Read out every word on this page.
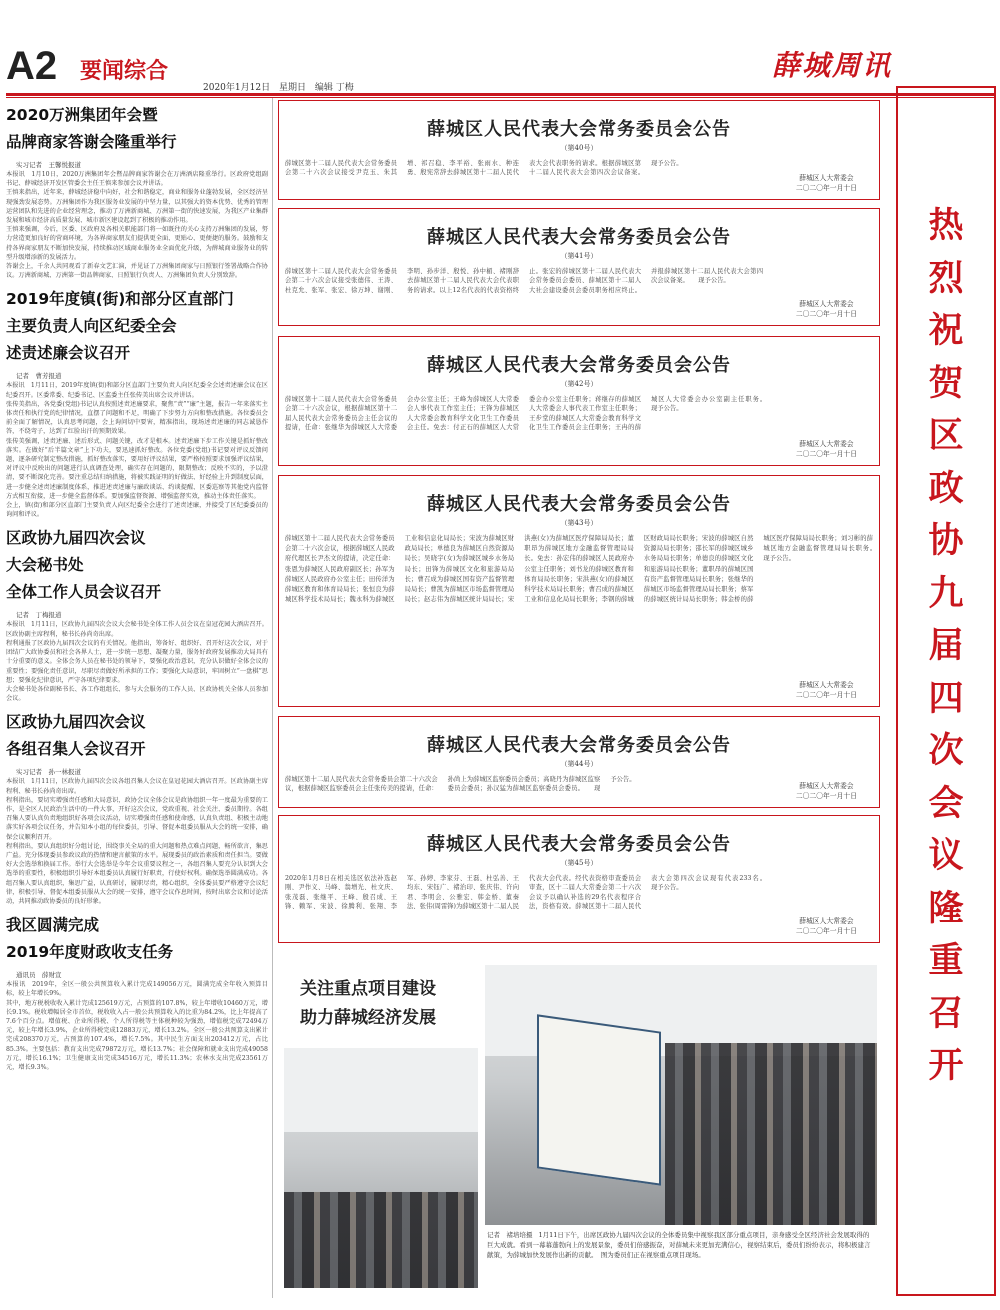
A2 要闻综合
2020年1月12日 星期日 编辑 丁梅
薛城周讯

2020万洲集团年会暨

品牌商家答谢会隆重举行

实习记者　王馨悦报道

本报讯　1月10日，2020万洲集团年会暨品牌商家答谢会在万洲酒店隆重举行。区政府党组副书记、薛城经济开发区管委会主任王慎来参加会议并讲话。

王慎来指出，近年来，薛城经济稳中向好，社会和谐稳定，商业和服务业蓬勃发展，全区经济呈现强劲发展态势。万洲集团作为我区服务业发展的中坚力量，以其强大的资本优势、优秀的管理运营团队和先进的企业经营理念，推动了万洲新商城、万洲第一街的快速发展，为我区产业集群发展和城市经济高质量发展、城市新区建设起到了积极的推动作用。

王慎来强调，今后，区委、区政府及各相关职能部门将一如既往的关心支持万洲集团的发展，努力营造更加良好的营商环境，为各界商家朋友们提供更全面、更贴心、更便捷的服务。鼓励和支持各界商家朋友不断加快发展，持续推动区域商业服务业全面优化升级，为薛城商业服务业的转型升级增添新的发展活力。

答谢会上，千余人共同观看了新春文艺汇演，并见证了万洲集团商家与日照银行签署战略合作协议。万洲新商城、万洲第一街品牌商家、日照银行负责人、万洲集团负责人分别致辞。

2019年度镇(街)和部分区直部门

主要负责人向区纪委全会

述责述廉会议召开

记者　曹芳报道

本报讯　1月11日，2019年度镇(街)和部分区直部门主要负责人向区纪委全会述责述廉会议在区纪委召开。区委常委、纪委书记、区监委主任张传美出席会议并讲话。

张传美指出，各党委(党组)书记认真按照述责述廉要求，聚焦“责”“廉”主题，报告一年来落实主体责任和执行党的纪律情况，直摆了问题和不足，明确了下步努力方向和整改措施。各位委员会前全面了解情况，认真思考问题，会上询问切中要害，精准指出，现场述责述廉的同志诚恳作答，不绕弯子，达到了红脸出汗的预期效果。

张传美强调，述责述廉、述后形式、问题关键，改才是根本。述责述廉下步工作关键是抓好整改落实。在做好“后半篇文章”上下功夫，要迅速抓好整改。各位党委(党组)书记要对评议反馈问题，逐条研究制定整改措施，抓好整改落实，要用好评议结果，要严格按照要求加强评议结果，对评议中反映出的问题进行认真调查处理，确实存在问题的，限期整改；反映不实的，予以澄清，要不断深化完善。要注重总结归纳措施，将被实践证明的好做法、好经验上升到制度层面，进一步健全述责述廉制度体系，推进述责述廉与廉政谈话、约谈提醒、区委巡察等其他党内监督方式相互衔接，进一步健全监督体系。要加强监督资源、增强监督实效，推动主体责任落实。

会上，镇(街)和部分区直部门主要负责人向区纪委全会进行了述责述廉，并接受了区纪委委员的询问和评议。

区政协九届四次会议

大会秘书处

全体工作人员会议召开

记者　丁梅报道

本报讯　1月11日，区政协九届四次会议大会秘书处全体工作人员会议在皇冠花园大酒店召开。区政协副主席程利，秘书长孙尚奇出席。

程利通报了区政协九届四次会议的有关情况。他指出，筹备好、组织好、召开好这次会议，对于团结广大政协委员和社会各界人士，进一步统一思想、凝聚力量，服务好政府发展推动大局具有十分重要的意义。全体会务人员在秘书处的领导下，要强化政治意识，充分认识做好全体会议的重要性；要强化责任意识，尽职尽责做好所承担的工作；要强化大局意识，牢固树立“一盘棋”思想；要强化纪律意识，严守各项纪律要求。

大会秘书处各位副秘书长、各工作组组长、参与大会服务的工作人员、区政协机关全体人员参加会议。

区政协九届四次会议

各组召集人会议召开

实习记者　孙一林报道

本报讯　1月11日，区政协九届四次会议各组召集人会议在皇冠花园大酒店召开。区政协副主席程利、秘书长孙尚奇出席。

程利指出，要切实增强责任感和大局意识，政协会议全体会议是政协组织一年一度最为重要的工作，是全区人民政治生活中的一件大事，开好这次会议，党政重视、社会关注、委员期待。各组召集人要认真负责地组织好各项会议活动，切实增强责任感和使命感，认真负责组、积极主动地落实好各项会议任务，并告知本小组的每位委员，引导、督促本组委员服从大会的统一安排，确保会议顺利召开。

程利指出，要认真组织好分组讨论，围绕事关全局的重大问题和热点难点问题，畅所欲言，集思广益。充分体现委员参政议政的热情和建言献策的水平。展现委员的政治素质和责任担当。要做好大会选举和换届工作。举行大会选举是今年会议重要议程之一，各组召集人要充分认识到大会选举的重要性，积极组织引导好本组委员认真履行好职责，行使好权利。确保选举圆满成功。各组召集人要认真组织，集思广益，认真研讨，履职尽责，精心组织，全体委员要严格遵守会议纪律，积极引导、督促本组委员服从大会的统一安排，遵守会议作息时间，按时出席会议和讨论活动，共同推动政协委员的良好形象。

我区圆满完成

2019年度财政收支任务

通讯员　薛财宣

本报讯　2019年，全区一般公共预算收入累计完成149056万元，圆满完成全年收入预算目标，较上年增长9%。

其中，地方税税收收入累计完成125619万元，占预算的107.8%，较上年增收10460万元，增长9.1%。税收增幅居全市首位，税收收入占一般公共预算收入的比重为84.2%，比上年提高了7.6个百分点。增值税、企业所得税、个人所得税等主体税种较为强劲，增值税完成72494万元，较上年增长3.9%，企业所得税完成12883万元，增长13.2%。全区一般公共预算支出累计完成208370万元，占预算的107.4%，增长7.5%。其中民生方面支出203412万元，占比85.3%。主要包括：教育支出完成79872万元，增长13.7%；社会保障和就业支出完成49058万元，增长16.1%；卫生健康支出完成34516万元，增长11.3%；农林水支出完成23561万元，增长9.3%。

薛城区人民代表大会常务委员会公告
（第40号）
薛城区第十二届人民代表大会常务委员会第二十六次会议接受尹克玉、朱其增、祁召稳、李平裕、张雨水、种连勇、殷宪常辞去薛城区第十二届人民代表大会代表职务的请求。根据薛城区第十二届人民代表大会第四次会议备案。　　现予公告。
薛城区人大常委会
二〇二〇年一月十日
薛城区人民代表大会常务委员会公告
（第41号）
薛城区第十二届人民代表大会常务委员会第二十六次会议接受张德伟、王涛、杜克允、张军、张宏、徐万坤、谢刚、李明、孙步洋、殷悦、孙中楣、褚刚辞去薛城区第十二届人民代表大会代表职务的请求。以上12名代表的代表资格终止。张宏的薛城区第十二届人民代表大会常务委员会委员、薛城区第十二届人大社会建设委员会委员职务相应终止。并报薛城区第十二届人民代表大会第四次会议备案。　　现予公告。
薛城区人大常委会
二〇二〇年一月十日
薛城区人民代表大会常务委员会公告
（第42号）
薛城区第十二届人民代表大会常务委员会第二十六次会议，根据薛城区第十二届人民代表大会常务委员会主任会议的提请，任命：张继华为薛城区人大常委会办公室主任；王峰为薛城区人大常委会人事代表工作室主任；王锋为薛城区人大常委会教育科学文化卫生工作委员会主任。免去：付正石的薛城区人大常委会办公室主任职务；蒋继存的薛城区人大常委会人事代表工作室主任职务；王步堂的薛城区人大常委会教育科学文化卫生工作委员会主任职务；王冉的薛城区人大常委会办公室副主任职务。　　现予公告。
薛城区人大常委会
二〇二〇年一月十日
薛城区人民代表大会常务委员会公告
（第43号）
薛城区第十二届人民代表大会常务委员会第二十六次会议，根据薛城区人民政府代理区长尹杰文的提请，决定任命：张恩为薛城区人民政府副区长；孙军为薛城区人民政府办公室主任；田传洋为薛城区教育和体育局局长；张恒良为薛城区科学技术局局长；魏永科为薛城区工业和信息化局局长；宋波为薛城区财政局局长；单德良为薛城区自然资源局局长；吴晓宇(女)为薛城区城乡水务局局长；田锋为薛城区文化和旅游局局长；曹召成为薛城区国有资产监督管理局局长；曹凯为薛城区市场监督管理局局长；赵志伟为薛城区统计局局长；宋洪燕(女)为薛城区医疗保障局局长；董职昂为薛城区地方金融监督管理局局长。免去：孙宏伟的薛城区人民政府办公室主任职务；刘书龙的薛城区教育和体育局局长职务；宋洪燕(女)的薛城区科学技术局局长职务；曹召成的薛城区工业和信息化局局长职务；李钢的薛城区财政局局长职务；宋波的薛城区自然资源局局长职务；邵长军的薛城区城乡水务局局长职务；单德良的薛城区文化和旅游局局长职务；董职昂的薛城区国有资产监督管理局局长职务；张继华的薛城区市场监督管理局局长职务；蔡军的薛城区统计局局长职务；韩金桥的薛城区医疗保障局局长职务；刘习彬的薛城区地方金融监督管理局局长职务。　　现予公告。
薛城区人大常委会
二〇二〇年一月十日
薛城区人民代表大会常务委员会公告
（第44号）
薛城区第十二届人民代表大会常务委员会第二十六次会议，根据薛城区监察委员会主任张传美的提请，任命：孙尚上为薛城区监察委员会委员；高晓丹为薛城区监察委员会委员；孙汉猛为薛城区监察委员会委员。　　现予公告。
薛城区人大常委会
二〇二〇年一月十日
薛城区人民代表大会常务委员会公告
（第45号）
2020年1月8日在相关选区依法补选赵刚、尹作义、马峰、翁增光、杜文庆、张茂磊、张继平、王峰、殷召成、王锋、赖军、宋波、徐腾利、张翔、李军、孙婷、李家芬、王磊、杜弘善、王均东、宋钰广、褚治印、张庆伟、许向君、李明会、公雅宏、韩金桥、董秦法、张伟(周雷锋)为薛城区第十二届人民代表大会代表。经代表资格审查委员会审查，区十二届人大常委会第二十六次会议予以确认补选的29名代表程序合法，资格有效。薛城区第十二届人民代表大会第四次会议现有代表233名。　　现予公告。
薛城区人大常委会
二〇二〇年一月十日
关注重点项目建设
助力薛城经济发展
记者　褚培培摄 1月11日下午，出席区政协九届四次会议的全体委员集中视察我区部分重点项目，亲身感受全区经济社会发展取得的巨大成就。看到一幕幕蓬勃向上的发展景象，委员们倍感振奋，对薛城未来更加充满信心，视察结束后，委员们纷纷表示，将积极建言献策，为薛城加快发展作出新的贡献。　图为委员们正在视察重点项目现场。
热烈祝贺区政协九届四次会议隆重召开
